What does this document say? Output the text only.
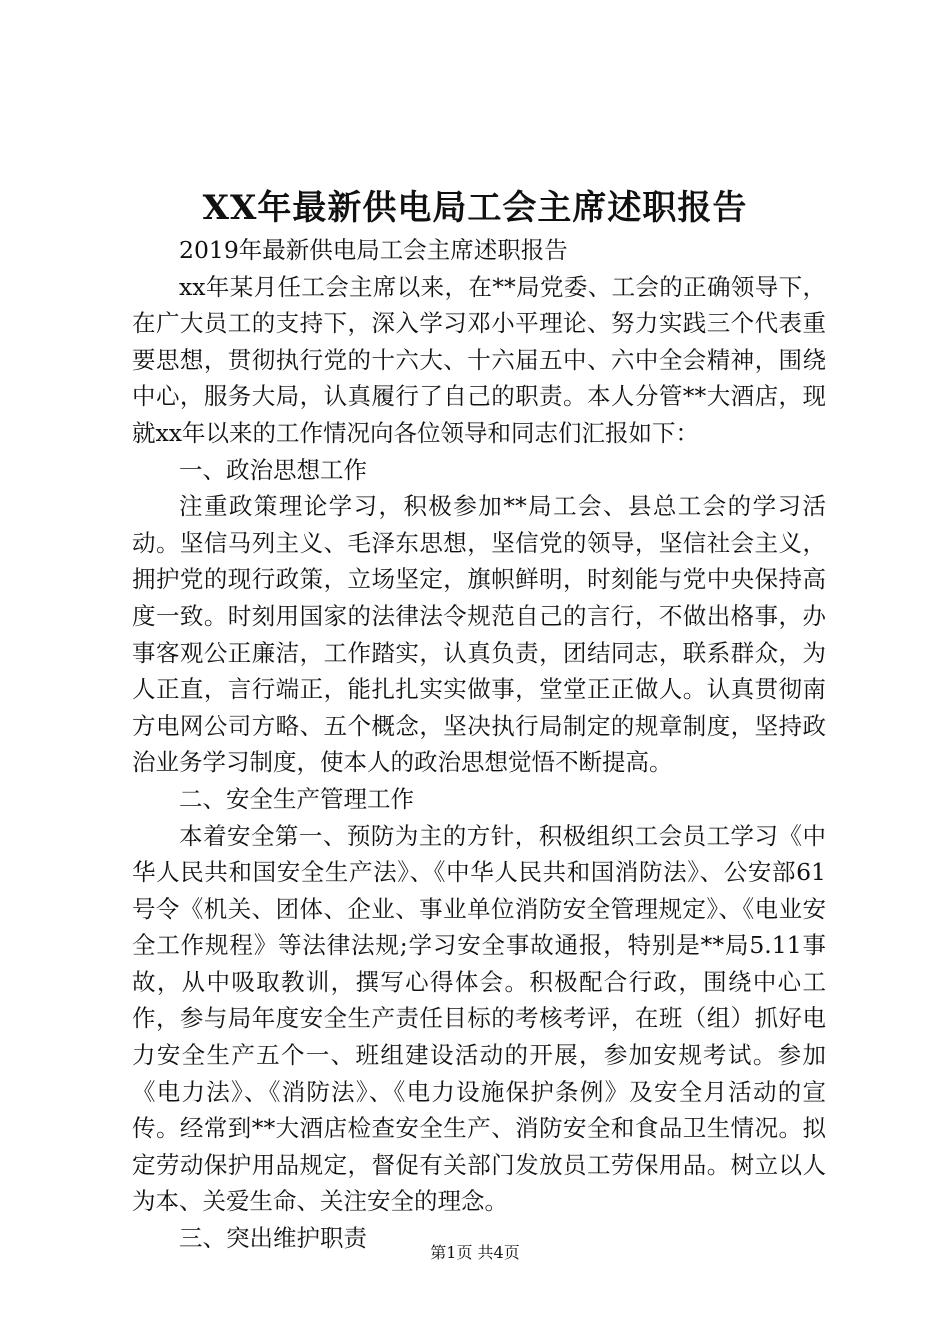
XX年最新供电局工会主席述职报告

2019年最新供电局工会主席述职报告

xx年某月任工会主席以来，在**局党委、工会的正确领导下，在广大员工的支持下，深入学习邓小平理论、努力实践三个代表重要思想，贯彻执行党的十六大、十六届五中、六中全会精神，围绕中心，服务大局，认真履行了自己的职责。本人分管**大酒店，现就xx年以来的工作情况向各位领导和同志们汇报如下：

一、政治思想工作

注重政策理论学习，积极参加**局工会、县总工会的学习活动。坚信马列主义、毛泽东思想，坚信党的领导，坚信社会主义，拥护党的现行政策，立场坚定，旗帜鲜明，时刻能与党中央保持高度一致。时刻用国家的法律法令规范自己的言行，不做出格事，办事客观公正廉洁，工作踏实，认真负责，团结同志，联系群众，为人正直，言行端正，能扎扎实实做事，堂堂正正做人。认真贯彻南方电网公司方略、五个概念，坚决执行局制定的规章制度，坚持政治业务学习制度，使本人的政治思想觉悟不断提高。

二、安全生产管理工作

本着安全第一、预防为主的方针，积极组织工会员工学习《中华人民共和国安全生产法》、《中华人民共和国消防法》、公安部61号令《机关、团体、企业、事业单位消防安全管理规定》、《电业安全工作规程》等法律法规;学习安全事故通报，特别是**局5.11事故，从中吸取教训，撰写心得体会。积极配合行政，围绕中心工作，参与局年度安全生产责任目标的考核考评，在班（组）抓好电力安全生产五个一、班组建设活动的开展，参加安规考试。参加《电力法》、《消防法》、《电力设施保护条例》及安全月活动的宣传。经常到**大酒店检查安全生产、消防安全和食品卫生情况。拟定劳动保护用品规定，督促有关部门发放员工劳保用品。树立以人为本、关爱生命、关注安全的理念。

三、突出维护职责

第1页 共4页
